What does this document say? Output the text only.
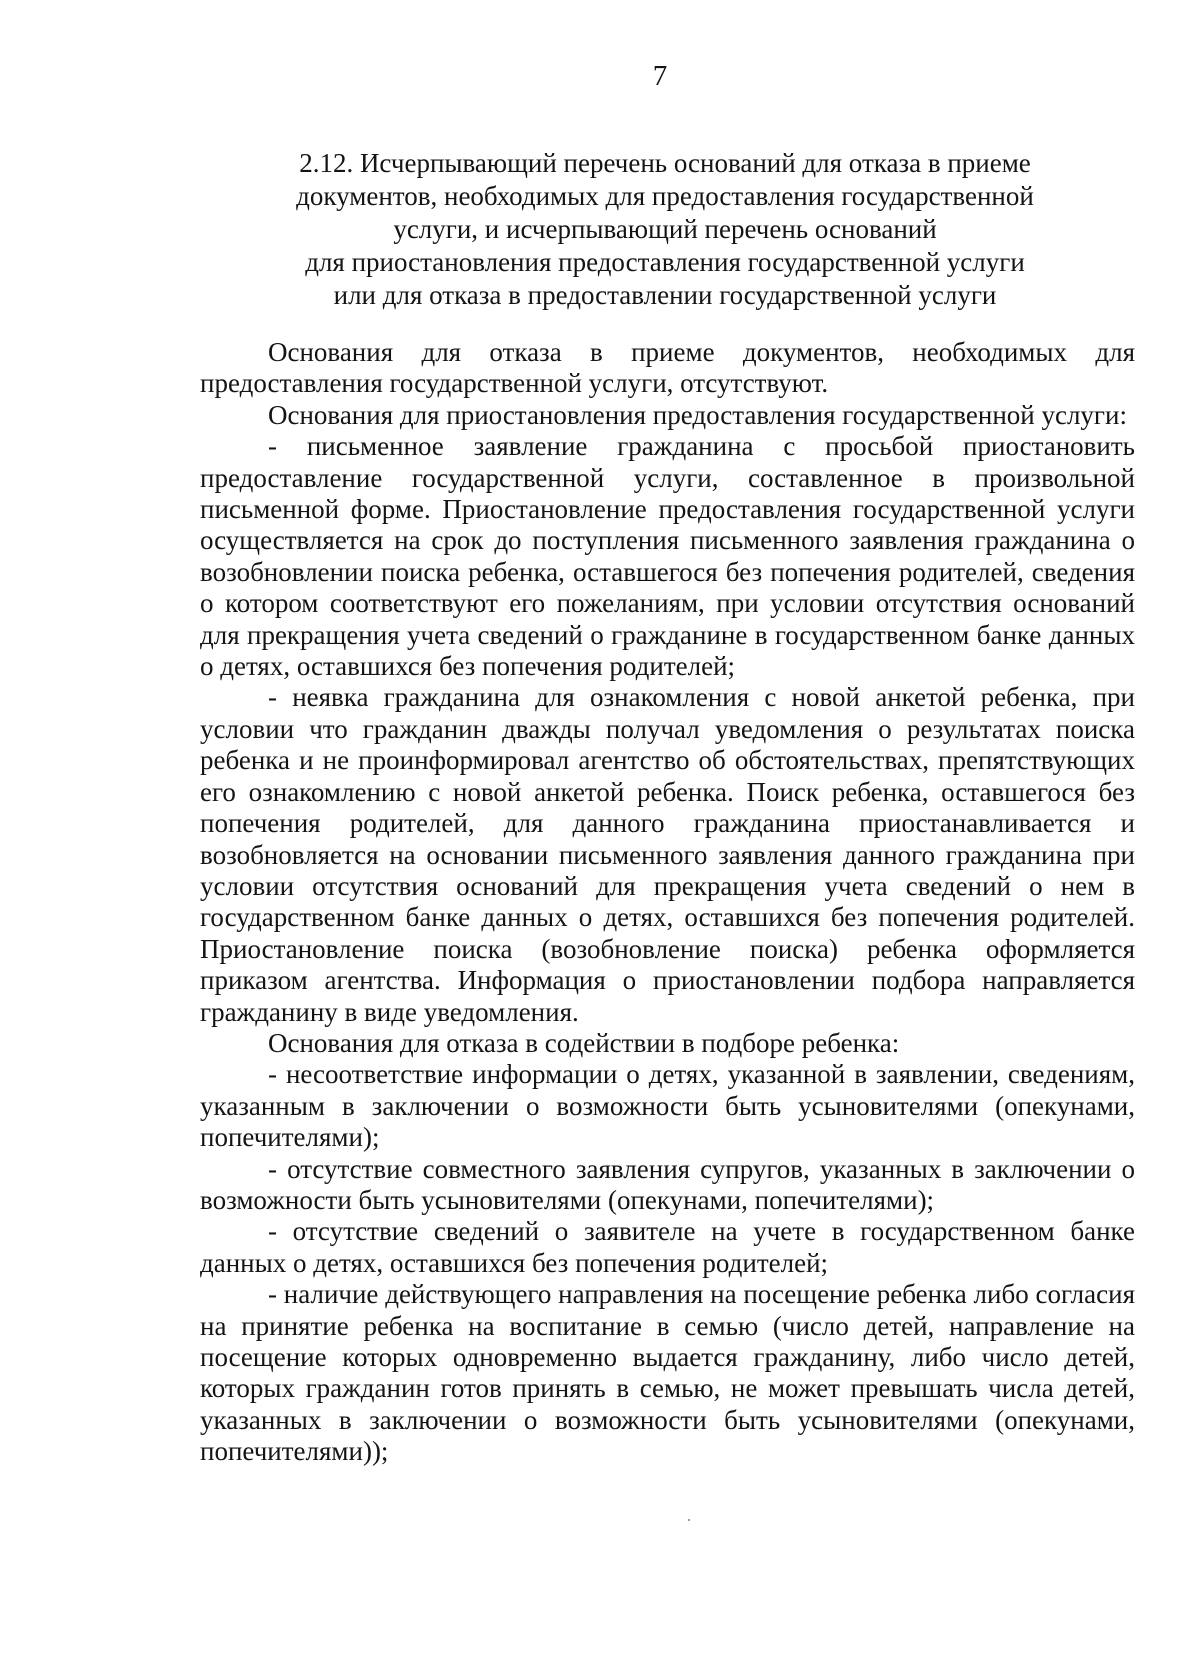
7
2.12. Исчерпывающий перечень оснований для отказа в приеме
документов, необходимых для предоставления государственной
услуги, и исчерпывающий перечень оснований
для приостановления предоставления государственной услуги
или для отказа в предоставлении государственной услуги

Основания для отказа в приеме документов, необходимых для предоставления государственной услуги, отсутствуют.

Основания для приостановления предоставления государственной услуги:

- письменное заявление гражданина с просьбой приостановить предоставление государственной услуги, составленное в произвольной письменной форме. Приостановление предоставления государственной услуги осуществляется на срок до поступления письменного заявления гражданина о возобновлении поиска ребенка, оставшегося без попечения родителей, сведения о котором соответствуют его пожеланиям, при условии отсутствия оснований для прекращения учета сведений о гражданине в государственном банке данных о детях, оставшихся без попечения родителей;

- неявка гражданина для ознакомления с новой анкетой ребенка, при условии что гражданин дважды получал уведомления о результатах поиска ребенка и не проинформировал агентство об обстоятельствах, препятствующих его ознакомлению с новой анкетой ребенка. Поиск ребенка, оставшегося без попечения родителей, для данного гражданина приостанавливается и возобновляется на основании письменного заявления данного гражданина при условии отсутствия оснований для прекращения учета сведений о нем в государственном банке данных о детях, оставшихся без попечения родителей. Приостановление поиска (возобновление поиска) ребенка оформляется приказом агентства. Информация о приостановлении подбора направляется гражданину в виде уведомления.

Основания для отказа в содействии в подборе ребенка:

- несоответствие информации о детях, указанной в заявлении, сведениям, указанным в заключении о возможности быть усыновителями (опекунами, попечителями);

- отсутствие совместного заявления супругов, указанных в заключении о возможности быть усыновителями (опекунами, попечителями);

- отсутствие сведений о заявителе на учете в государственном банке данных о детях, оставшихся без попечения родителей;

- наличие действующего направления на посещение ребенка либо согласия на принятие ребенка на воспитание в семью (число детей, направление на посещение которых одновременно выдается гражданину, либо число детей, которых гражданин готов принять в семью, не может превышать числа детей, указанных в заключении о возможности быть усыновителями (опекунами, попечителями));
